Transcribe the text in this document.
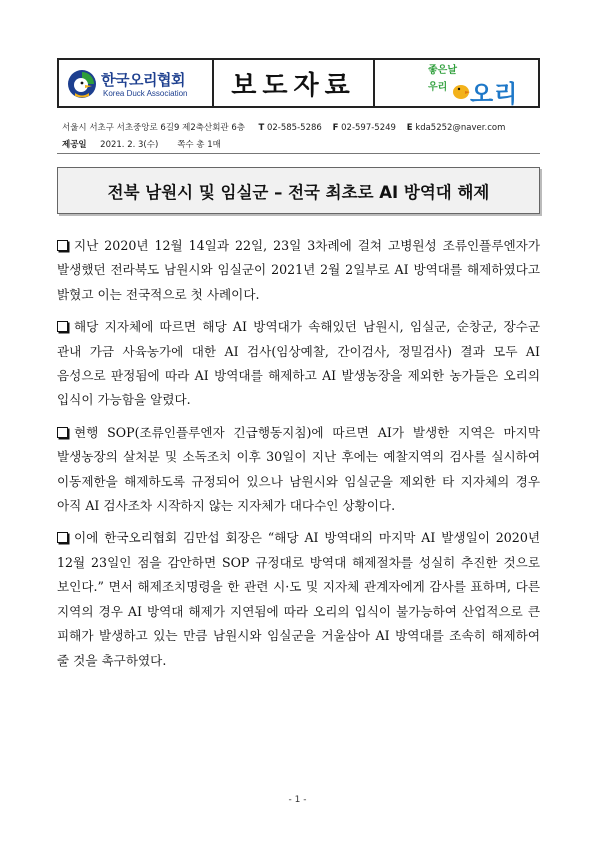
한국오리협회
Korea Duck Association	보도자료	좋은날
우리 오리
서울시 서초구 서초중앙로 6길9 제2축산회관 6층 T 02-585-5286 F 02-597-5249 E kda5252@naver.com
제공일 2021. 2. 3(수) 쪽수 총 1매
전북 남원시 및 임실군 – 전국 최초로 AI 방역대 해제

지난 2020년 12월 14일과 22일, 23일 3차례에 걸쳐 고병원성 조류인플루엔자가 발생했던 전라북도 남원시와 임실군이 2021년 2월 2일부로 AI 방역대를 해제하였다고 밝혔고 이는 전국적으로 첫 사례이다.

해당 지자체에 따르면 해당 AI 방역대가 속해있던 남원시, 임실군, 순창군, 장수군 관내 가금 사육농가에 대한 AI 검사(임상예찰, 간이검사, 정밀검사) 결과 모두 AI 음성으로 판정됨에 따라 AI 방역대를 해제하고 AI 발생농장을 제외한 농가들은 오리의 입식이 가능함을 알렸다.

현행 SOP(조류인플루엔자 긴급행동지침)에 따르면 AI가 발생한 지역은 마지막 발생농장의 살처분 및 소독조치 이후 30일이 지난 후에는 예찰지역의 검사를 실시하여 이동제한을 해제하도록 규정되어 있으나 남원시와 임실군을 제외한 타 지자체의 경우 아직 AI 검사조차 시작하지 않는 지자체가 대다수인 상황이다.

이에 한국오리협회 김만섭 회장은 “해당 AI 방역대의 마지막 AI 발생일이 2020년 12월 23일인 점을 감안하면 SOP 규정대로 방역대 해제절차를 성실히 추진한 것으로 보인다.” 면서 해제조치명령을 한 관련 시·도 및 지자체 관계자에게 감사를 표하며, 다른 지역의 경우 AI 방역대 해제가 지연됨에 따라 오리의 입식이 불가능하여 산업적으로 큰 피해가 발생하고 있는 만큼 남원시와 임실군을 거울삼아 AI 방역대를 조속히 해제하여 줄 것을 촉구하였다.

- 1 -
